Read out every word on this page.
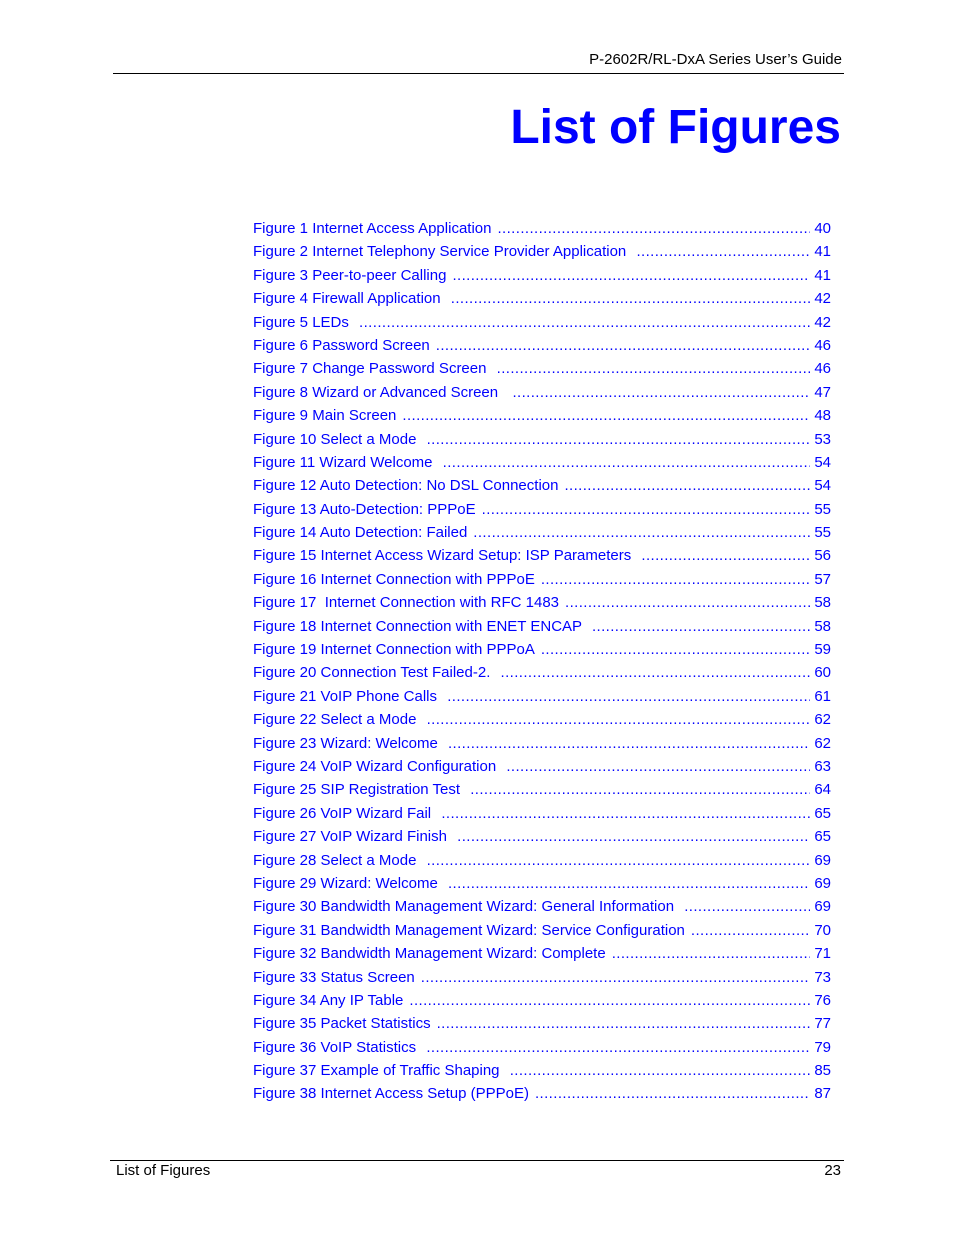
P-2602R/RL-DxA Series User’s Guide
List of Figures
Figure 1 Internet Access Application .....	40
Figure 2 Internet Telephony Service Provider Application .....	41
Figure 3 Peer-to-peer Calling .....	41
Figure 4 Firewall Application .....	42
Figure 5 LEDs .....	42
Figure 6 Password Screen .....	46
Figure 7 Change Password Screen .....	46
Figure 8 Wizard or Advanced Screen .....	47
Figure 9 Main Screen .....	48
Figure 10 Select a Mode .....	53
Figure 11 Wizard Welcome .....	54
Figure 12 Auto Detection: No DSL Connection .....	54
Figure 13 Auto-Detection: PPPoE .....	55
Figure 14 Auto Detection: Failed .....	55
Figure 15 Internet Access Wizard Setup: ISP Parameters .....	56
Figure 16 Internet Connection with PPPoE .....	57
Figure 17  Internet Connection with RFC 1483 .....	58
Figure 18 Internet Connection with ENET ENCAP .....	58
Figure 19 Internet Connection with PPPoA .....	59
Figure 20 Connection Test Failed-2. .....	60
Figure 21 VoIP Phone Calls .....	61
Figure 22 Select a Mode .....	62
Figure 23 Wizard: Welcome .....	62
Figure 24 VoIP Wizard Configuration .....	63
Figure 25 SIP Registration Test .....	64
Figure 26 VoIP Wizard Fail .....	65
Figure 27 VoIP Wizard Finish .....	65
Figure 28 Select a Mode .....	69
Figure 29 Wizard: Welcome .....	69
Figure 30 Bandwidth Management Wizard: General Information .....	69
Figure 31 Bandwidth Management Wizard: Service Configuration .....	70
Figure 32 Bandwidth Management Wizard: Complete .....	71
Figure 33 Status Screen .....	73
Figure 34 Any IP Table .....	76
Figure 35 Packet Statistics .....	77
Figure 36 VoIP Statistics .....	79
Figure 37 Example of Traffic Shaping .....	85
Figure 38 Internet Access Setup (PPPoE) .....	87
List of Figures	23
